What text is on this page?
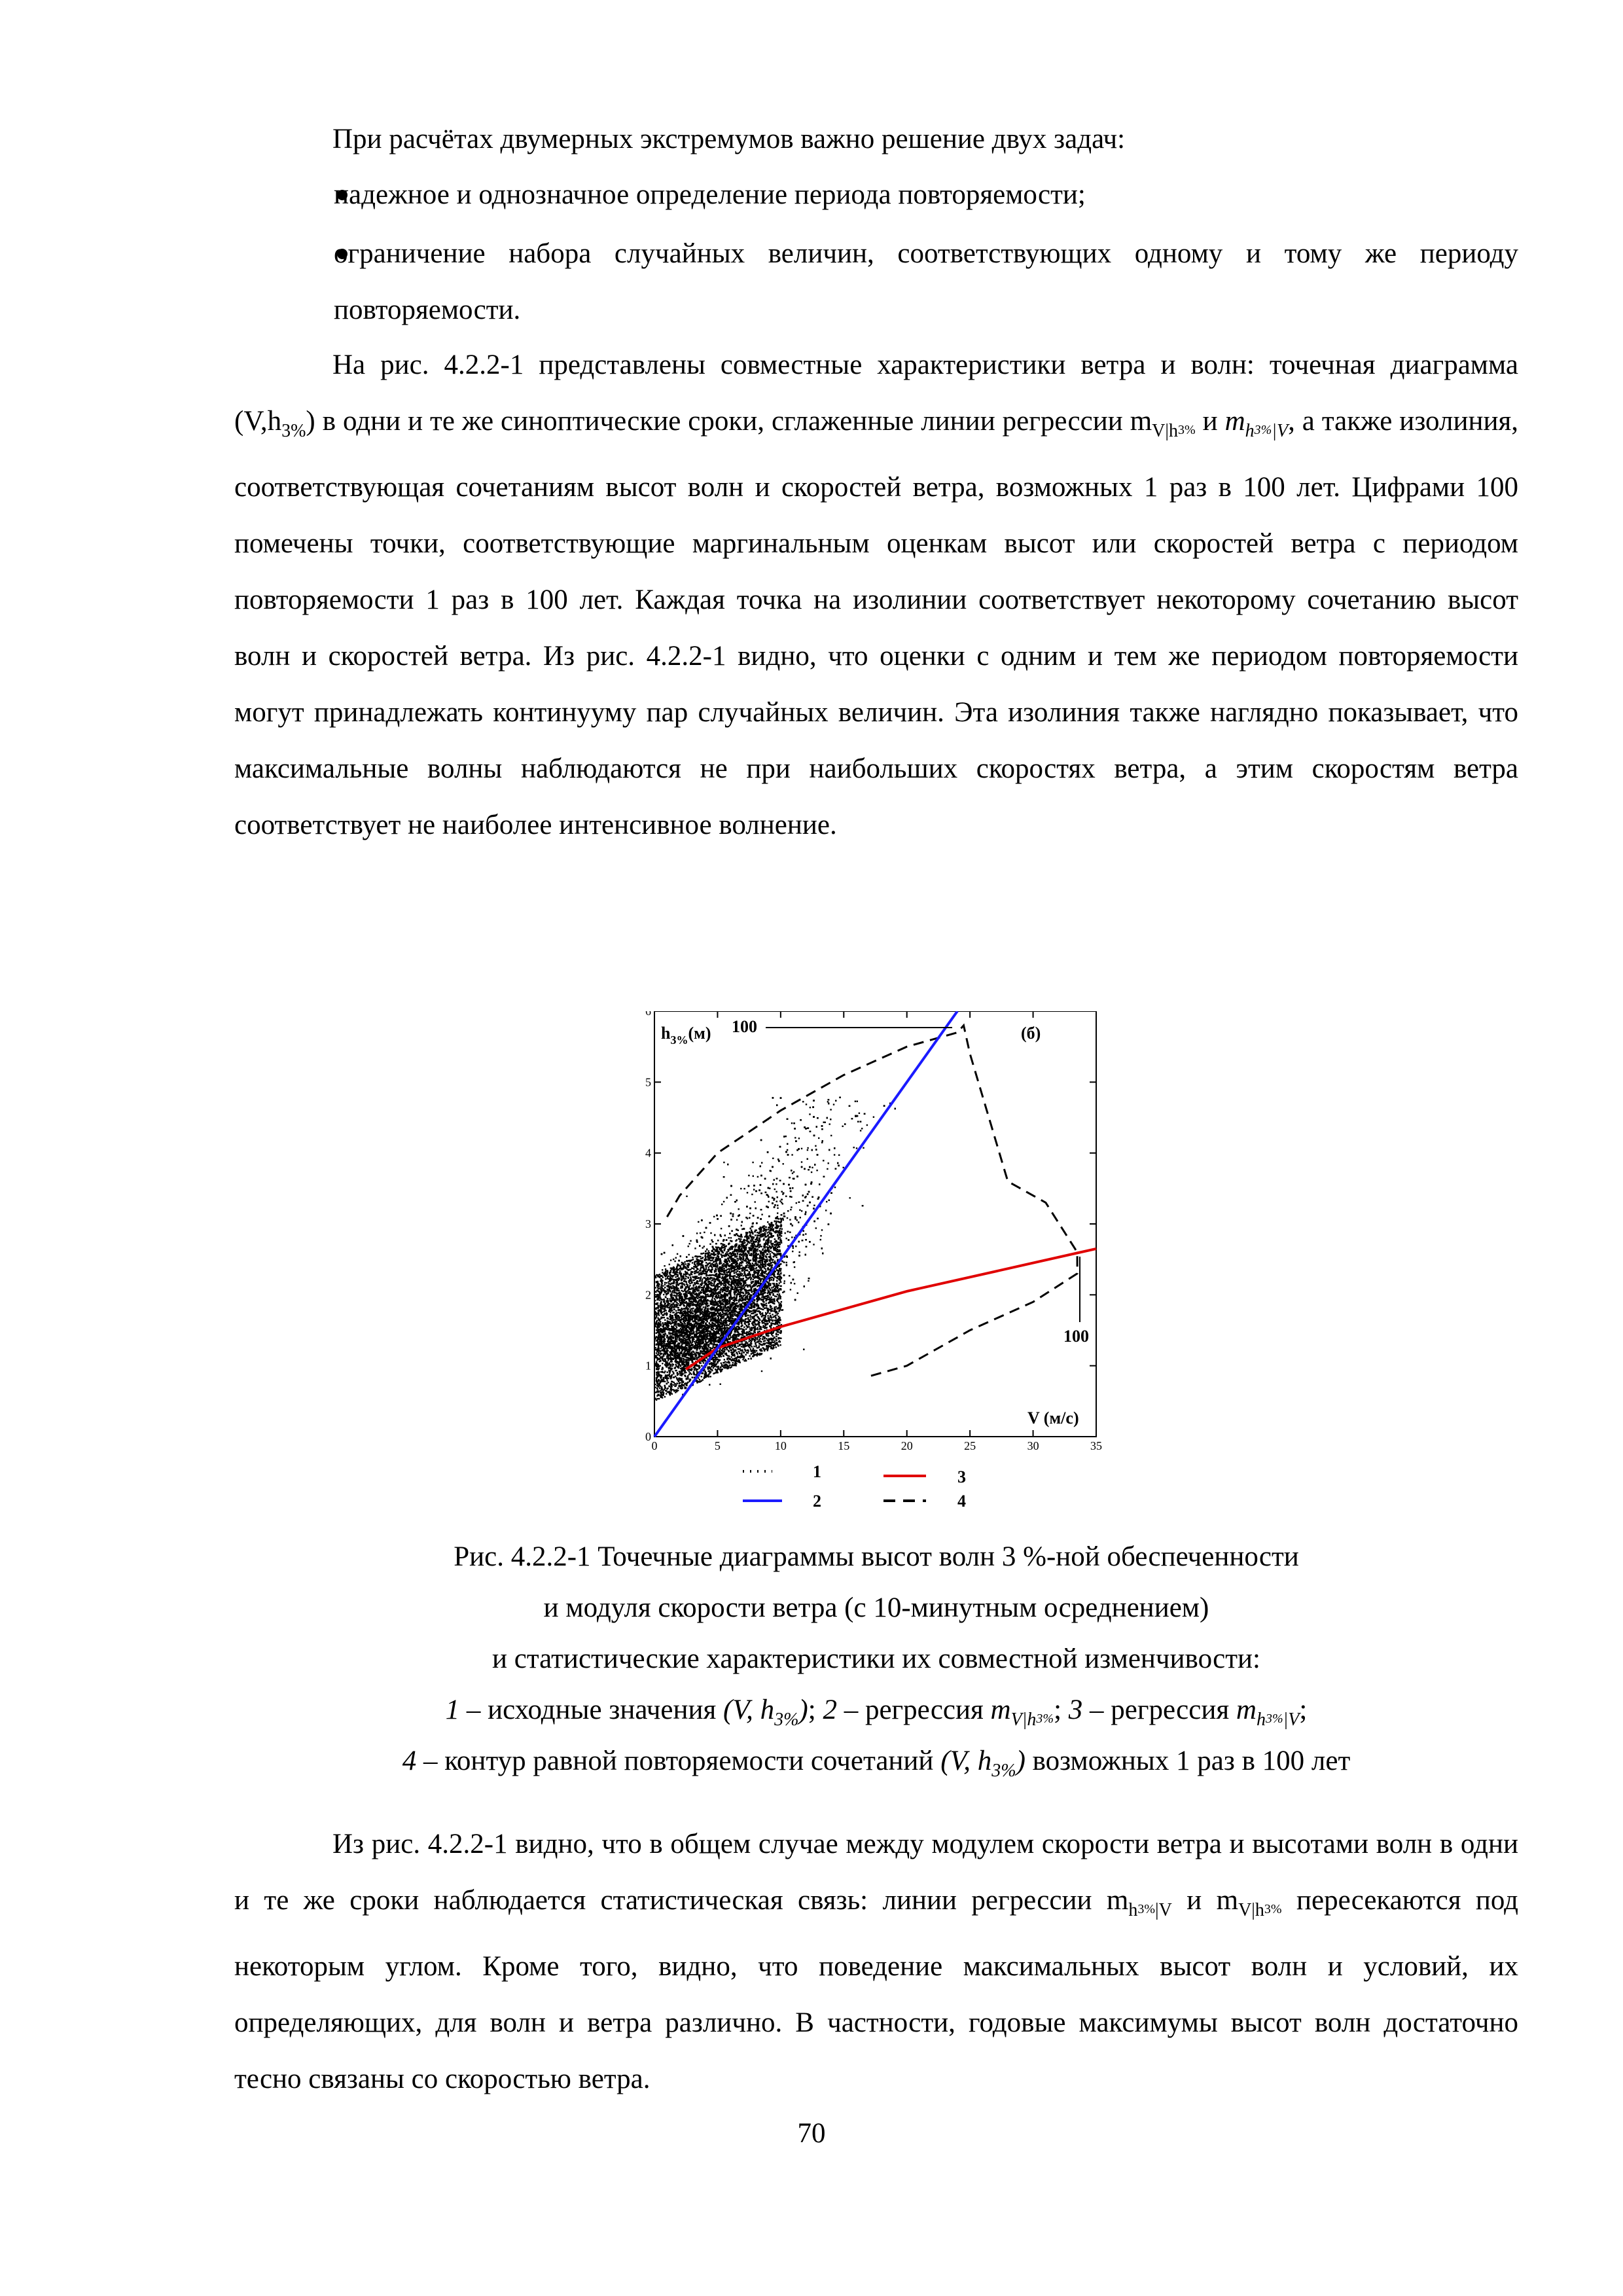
При расчётах двумерных экстремумов важно решение двух задач:

надежное и однозначное определение периода повторяемости;

ограничение набора случайных величин, соответствующих одному и тому же периоду повторяемости.

На рис. 4.2.2-1 представлены совместные характеристики ветра и волн: точечная диаграмма $(V,h_{3\%})$ в одни и те же синоптические сроки, сглаженные линии регрессии $m_{V|h}3\%$ и $m_h3\%_{|V}$, а также изолиния, соответствующая сочетаниям высот волн и скоростей ветра, возможных 1 раз в 100 лет. Цифрами 100 помечены точки, соответствующие маргинальным оценкам высот или скоростей ветра с периодом повторяемости 1 раз в 100 лет. Каждая точка на изолинии соответствует некоторому сочетанию высот волн и скоростей ветра. Из рис. 4.2.2-1 видно, что оценки с одним и тем же периодом повторяемости могут принадлежать континууму пар случайных величин. Эта изолиния также наглядно показывает, что максимальные волны наблюдаются не при наибольших скоростях ветра, а этим скоростям ветра соответствует не наиболее интенсивное волнение.

0	5	10	15	20	25	30	35
0
1
2
3
4
5
6
$h_{3\%}(м)$ 100	(б)
100
V (м/с)
1
2
3
4

Рис. 4.2.2-1 Точечные диаграммы высот волн 3 %-ной обеспеченности

и модуля скорости ветра (с 10-минутным осреднением)

и статистические характеристики их совместной изменчивости:

1 – исходные значения (V, $h_{3\%}$); 2 – регрессия $m_{V|h}3\%$; 3 – регрессия $m_h3\%_{|V}$;

4 – контур равной повторяемости сочетаний (V, $h_{3\%}$) возможных 1 раз в 100 лет

Из рис. 4.2.2-1 видно, что в общем случае между модулем скорости ветра и высотами волн в одни и те же сроки наблюдается статистическая связь: линии регрессии $m_h3\%_{|V}$ и $m_{V|h}3\%$ пересекаются под некоторым углом. Кроме того, видно, что поведение максимальных высот волн и условий, их определяющих, для волн и ветра различно. В частности, годовые максимумы высот волн достаточно тесно связаны со скоростью ветра.

70
